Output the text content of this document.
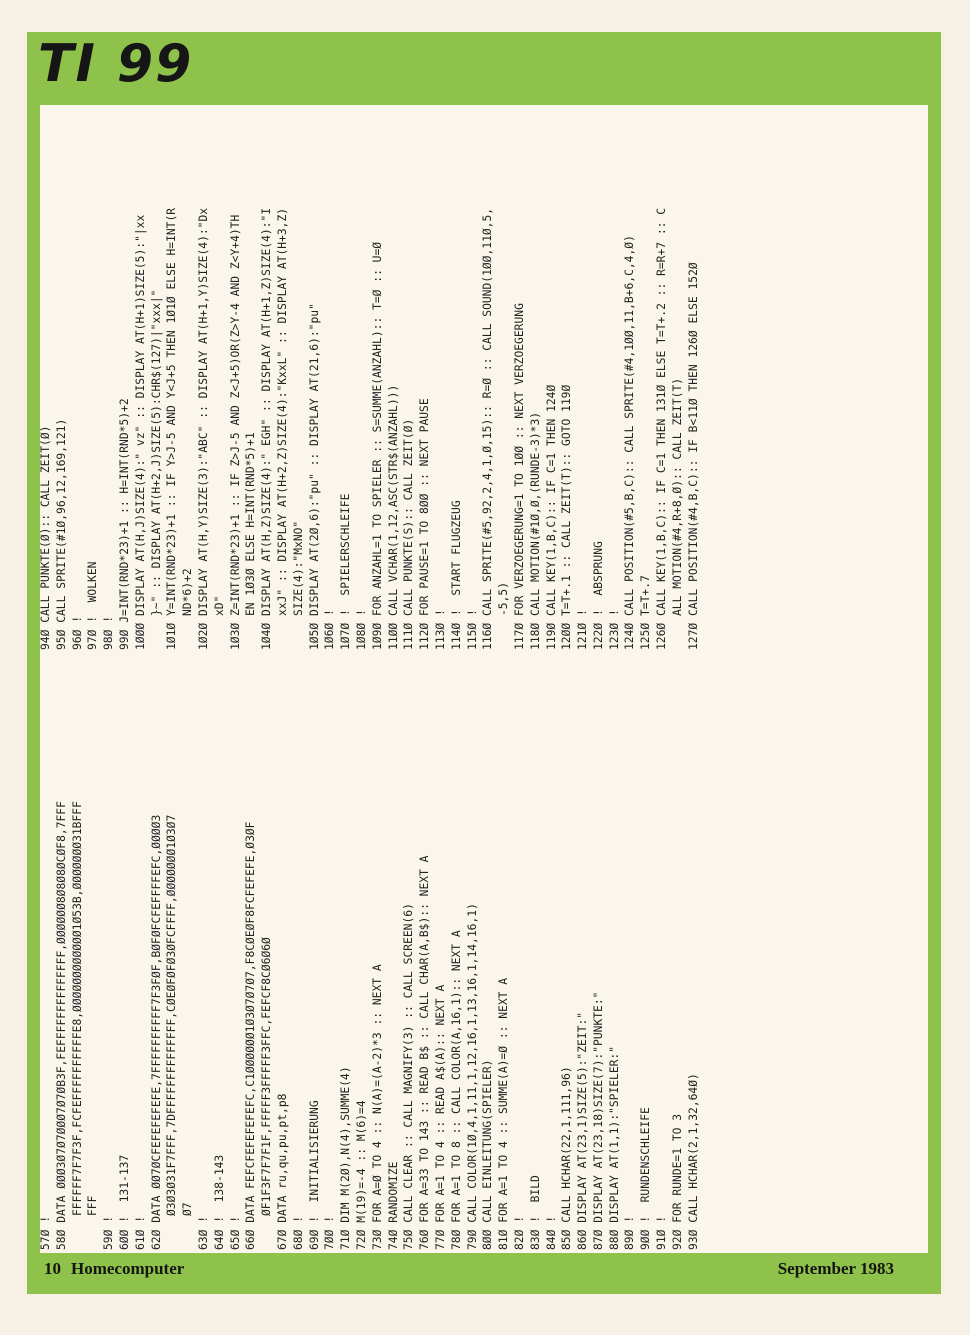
TI 99
57Ø ! 58Ø DATA ØØØ3Ø7Ø7ØØØ7Ø7ØB3F,FEFFFFFFFFFFFFFF,ØØØØØØ8Ø8Ø8ØCØF8,7FFF FFFFFF7F7F3F,FCFEFFFFFFFFFFE8,ØØØØØØØØØØØØ1Ø53B,ØØØØØØØ31BFFF FFF 59Ø ! 6ØØ !  131-137 61Ø ! 62Ø DATA ØØ7ØCFEFEFEFEFE,7FFFFFFFFFF7F3FØF,BØFØFCFEFFFFEFC,ØØØØ3 Ø3Ø3Ø31F7FFF,7DFFFFFFFFFFFFFF,CØEØFØFØ3ØFCFFFF,ØØØØØØØ1Ø3Ø7 Ø7 63Ø ! 64Ø !  138-143 65Ø ! 66Ø DATA FEFCFEFEFEFEFC,C1ØØØØØØ1Ø3Ø7Ø7Ø7,F8CØEØF8FCFEFEFE,Ø3ØF ØF1F3F7F7F1F,FFFFF3FFFFF3FFC,FEFCF8CØ6Ø6Ø 67Ø DATA ru,qu,pu,pt,p8 68Ø ! 69Ø !  INITIALISIERUNG 7ØØ ! 71Ø DIM M(2Ø),N(4),SUMME(4) 72Ø M(19)=-4 :: M(6)=4 73Ø FOR A=Ø TO 4 :: N(A)=(A-2)*3 :: NEXT A 74Ø RANDOMIZE 75Ø CALL CLEAR :: CALL MAGNIFY(3) :: CALL SCREEN(6) 76Ø FOR A=33 TO 143 :: READ B$ :: CALL CHAR(A,B$):: NEXT A 77Ø FOR A=1 TO 4 :: READ A$(A):: NEXT A 78Ø FOR A=1 TO 8 :: CALL COLOR(A,16,1):: NEXT A 79Ø CALL COLOR(1Ø,4,1,11,1,12,16,1,13,16,1,14,16,1) 8ØØ CALL EINLEITUNG(SPIELER) 81Ø FOR A=1 TO 4 :: SUMME(A)=Ø :: NEXT A 82Ø ! 83Ø !  BILD 84Ø ! 85Ø CALL HCHAR(22,1,111,96) 86Ø DISPLAY AT(23,1)SIZE(5):"ZEIT:" 87Ø DISPLAY AT(23,18)SIZE(7):"PUNKTE:" 88Ø DISPLAY AT(1,1):"SPIELER:" 89Ø ! 9ØØ !  RUNDENSCHLEIFE 91Ø ! 92Ø FOR RUNDE=1 TO 3 93Ø CALL HCHAR(2,1,32,64Ø)
94Ø CALL PUNKTE(Ø):: CALL ZEIT(Ø) 95Ø CALL SPRITE(#1Ø,96,12,169,121) 96Ø ! 97Ø !  WOLKEN 98Ø ! 99Ø J=INT(RND*23)+1 :: H=INT(RND*5)+2 1ØØØ DISPLAY AT(H,J)SIZE(4):" vz" :: DISPLAY AT(H+1)SIZE(5):"|xx }~" :: DISPLAY AT(H+2,J)SIZE(5):CHR$(127)|"xxx|" 1Ø1Ø Y=INT(RND*23)+1 :: IF Y>J-5 AND Y<J+5 THEN 1Ø1Ø ELSE H=INT(R ND*6)+2 1Ø2Ø DISPLAY AT(H,Y)SIZE(3):"ABC" :: DISPLAY AT(H+1,Y)SIZE(4):"Dx xD" 1Ø3Ø Z=INT(RND*23)+1 :: IF Z>J-5 AND Z<J+5)OR(Z>Y-4 AND Z<Y+4)TH EN 1Ø3Ø ELSE H=INT(RND*5)+1 1Ø4Ø DISPLAY AT(H,Z)SIZE(4):" EGH" :: DISPLAY AT(H+1,Z)SIZE(4):"I xxJ" :: DISPLAY AT(H+2,Z)SIZE(4):"KxxL" :: DISPLAY AT(H+3,Z) SIZE(4):"MxNO" 1Ø5Ø DISPLAY AT(2Ø,6):"pu" :: DISPLAY AT(21,6):"pu" 1Ø6Ø ! 1Ø7Ø !  SPIELERSCHLEIFE 1Ø8Ø ! 1Ø9Ø FOR ANZAHL=1 TO SPIELER :: S=SUMME(ANZAHL):: T=Ø :: U=Ø 11ØØ CALL VCHAR(1,12,ASC(STR$(ANZAHL))) 111Ø CALL PUNKTE(S):: CALL ZEIT(Ø) 112Ø FOR PAUSE=1 TO 8ØØ :: NEXT PAUSE 113Ø ! 114Ø !  START FLUGZEUG 115Ø ! 116Ø CALL SPRITE(#5,92,2,4,1,Ø,15):: R=Ø :: CALL SOUND(1ØØ,11Ø,5, -5,5) 117Ø FOR VERZOEGERUNG=1 TO 1ØØ :: NEXT VERZOEGERUNG 118Ø CALL MOTION(#1Ø,Ø,(RUNDE-3)*3) 119Ø CALL KEY(1,B,C):: IF C=1 THEN 124Ø 12ØØ T=T+.1 :: CALL ZEIT(T):: GOTO 119Ø 121Ø ! 122Ø !  ABSPRUNG 123Ø ! 124Ø CALL POSITION(#5,B,C):: CALL SPRITE(#4,1ØØ,11,B+6,C,4,Ø) 125Ø T=T+.7 126Ø CALL KEY(1,B,C):: IF C=1 THEN 131Ø ELSE T=T+.2 :: R=R+7 :: C ALL MOTION(#4,R+8,Ø):: CALL ZEIT(T) 127Ø CALL POSITION(#4,B,C):: IF B<11Ø THEN 126Ø ELSE 152Ø
10 Homecomputer	September 1983
